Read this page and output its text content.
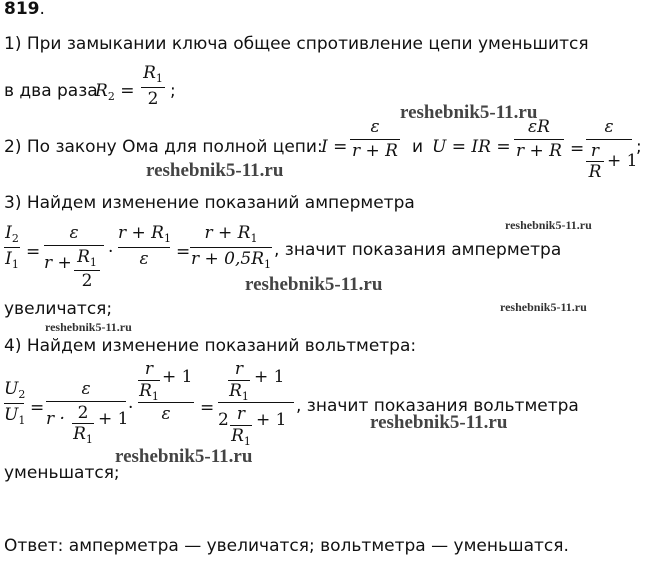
819.
1) При замыкании ключа общее спротивление цепи уменьшится
в два раза
$R_2$ =
$R_1$
2 ;
reshebnik5-11.ru
2) По закону Ома для полной цепи:
I =
ε
r + R и U = IR =
εR
r + R =
ε
r
R
+ 1
;
reshebnik5-11.ru
3) Найдем изменение показаний амперметра
reshebnik5-11.ru
$I_2$
$I_1$
=
ε
$r + R_1$
2
·
$r + R_1$
ε	=
$r + R_1$
$r + 0,5R_1$
, значит показания амперметра
reshebnik5-11.ru
увеличатся;	reshebnik5-11.ru
reshebnik5-11.ru
4) Найдем изменение показаний вольтметра:
$U_2$
$U_1$
=
ε
r · 2
$R_1$
+ 1
·
r
$R_1$
+ 1
ε	=
r
$R_1$
+ 1
2 r
$R_1$
+ 1
, значит показания вольтметра
reshebnik5-11.ru
reshebnik5-11.ru
уменьшатся;
Ответ: амперметра — увеличатся; вольтметра — уменьшатся.
